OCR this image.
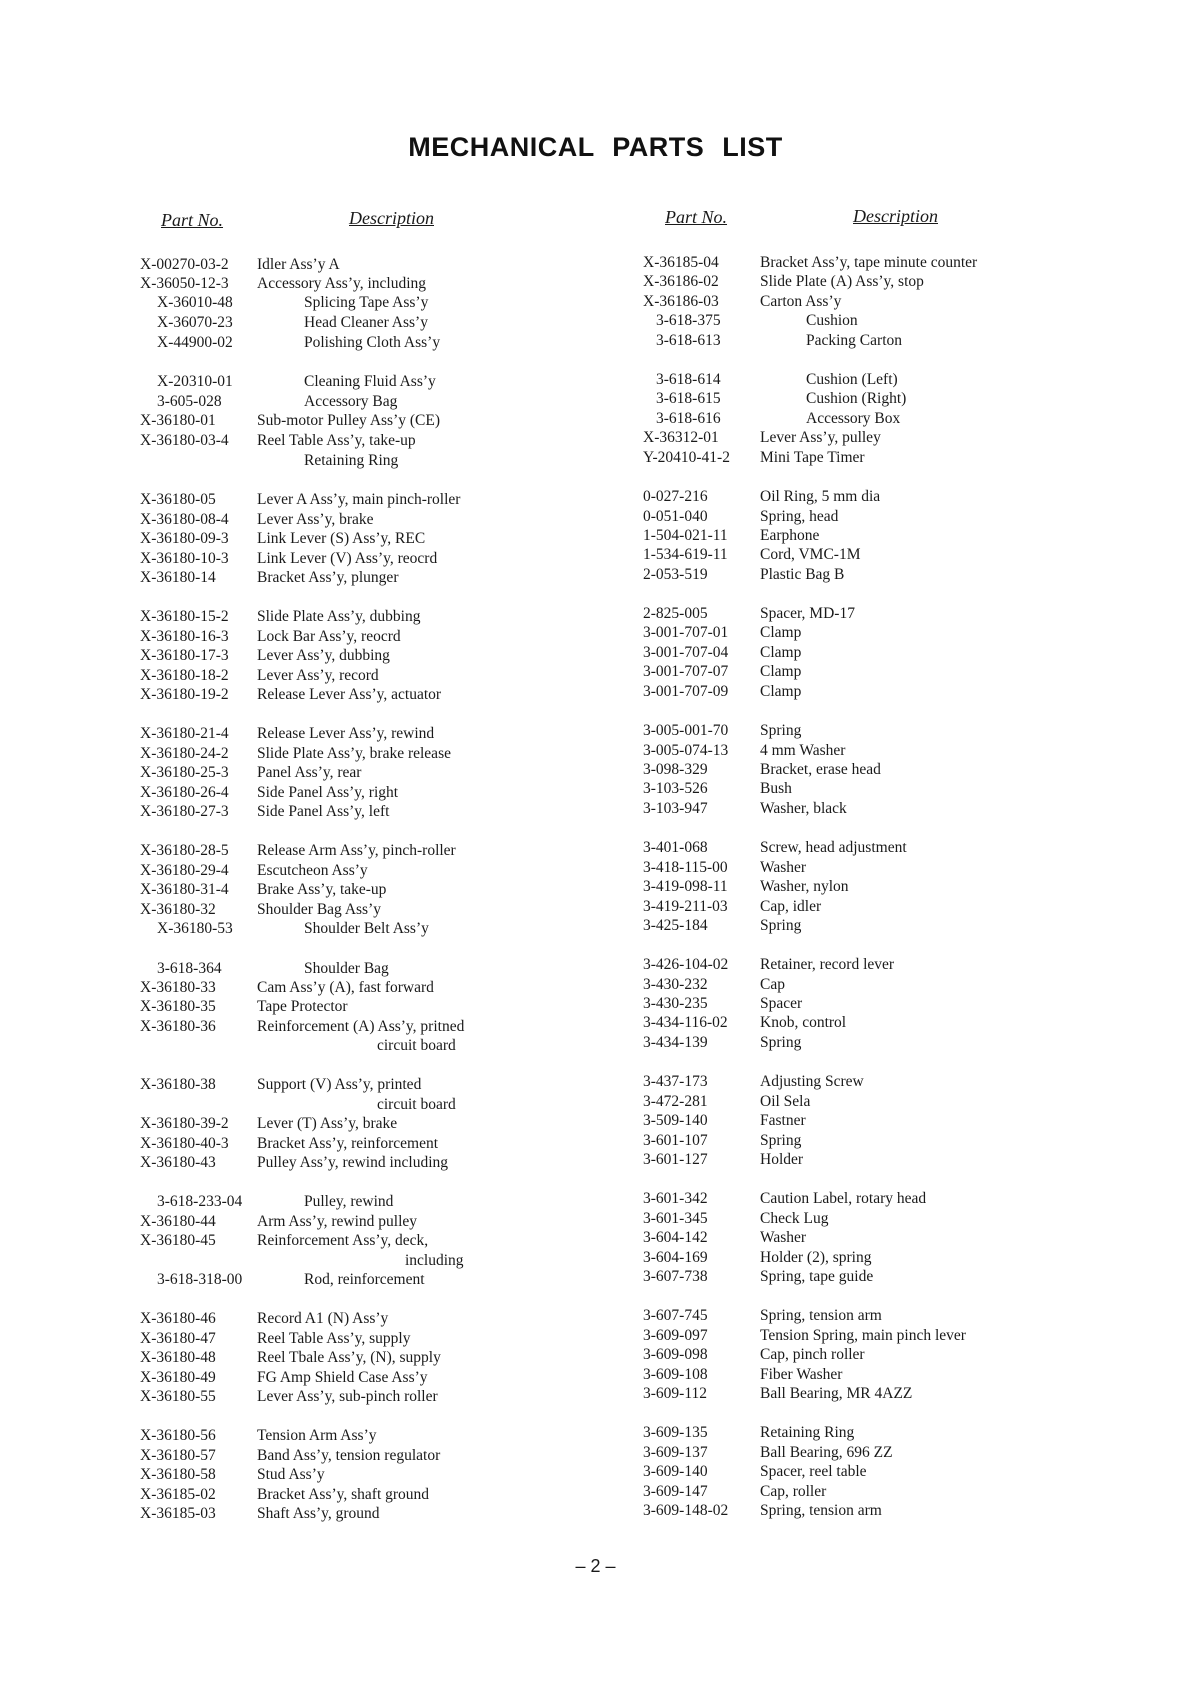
MECHANICAL PARTS LIST
Part No.	Description	Part No.	Description
X-00270-03-2 Idler Ass’y A
X-36050-12-3 Accessory Ass’y, including
X-36010-48	Splicing Tape Ass’y
X-36070-23	Head Cleaner Ass’y
X-44900-02	Polishing Cloth Ass’y
X-20310-01	Cleaning Fluid Ass’y
3-605-028	Accessory Bag
X-36180-01	Sub-motor Pulley Ass’y (CE)
X-36180-03-4 Reel Table Ass’y, take-up
Retaining Ring
X-36180-05	Lever A Ass’y, main pinch-roller
X-36180-08-4 Lever Ass’y, brake
X-36180-09-3 Link Lever (S) Ass’y, REC
X-36180-10-3 Link Lever (V) Ass’y, reocrd
X-36180-14	Bracket Ass’y, plunger
X-36180-15-2 Slide Plate Ass’y, dubbing
X-36180-16-3 Lock Bar Ass’y, reocrd
X-36180-17-3 Lever Ass’y, dubbing
X-36180-18-2 Lever Ass’y, record
X-36180-19-2 Release Lever Ass’y, actuator
X-36180-21-4 Release Lever Ass’y, rewind
X-36180-24-2 Slide Plate Ass’y, brake release
X-36180-25-3 Panel Ass’y, rear
X-36180-26-4 Side Panel Ass’y, right
X-36180-27-3 Side Panel Ass’y, left
X-36180-28-5 Release Arm Ass’y, pinch-roller
X-36180-29-4 Escutcheon Ass’y
X-36180-31-4 Brake Ass’y, take-up
X-36180-32	Shoulder Bag Ass’y
X-36180-53	Shoulder Belt Ass’y
3-618-364	Shoulder Bag
X-36180-33	Cam Ass’y (A), fast forward
X-36180-35	Tape Protector
X-36180-36	Reinforcement (A) Ass’y, pritned
circuit board
X-36180-38	Support (V) Ass’y, printed
circuit board
X-36180-39-2 Lever (T) Ass’y, brake
X-36180-40-3 Bracket Ass’y, reinforcement
X-36180-43	Pulley Ass’y, rewind including
3-618-233-04	Pulley, rewind
X-36180-44	Arm Ass’y, rewind pulley
X-36180-45	Reinforcement Ass’y, deck,
including
3-618-318-00	Rod, reinforcement
X-36180-46	Record A1 (N) Ass’y
X-36180-47	Reel Table Ass’y, supply
X-36180-48	Reel Tbale Ass’y, (N), supply
X-36180-49	FG Amp Shield Case Ass’y
X-36180-55	Lever Ass’y, sub-pinch roller
X-36180-56	Tension Arm Ass’y
X-36180-57	Band Ass’y, tension regulator
X-36180-58	Stud Ass’y
X-36185-02	Bracket Ass’y, shaft ground
X-36185-03	Shaft Ass’y, ground
X-36185-04	Bracket Ass’y, tape minute counter
X-36186-02	Slide Plate (A) Ass’y, stop
X-36186-03	Carton Ass’y
3-618-375	Cushion
3-618-613	Packing Carton
3-618-614	Cushion (Left)
3-618-615	Cushion (Right)
3-618-616	Accessory Box
X-36312-01	Lever Ass’y, pulley
Y-20410-41-2 Mini Tape Timer
0-027-216	Oil Ring, 5 mm dia
0-051-040	Spring, head
1-504-021-11 Earphone
1-534-619-11 Cord, VMC-1M
2-053-519	Plastic Bag B
2-825-005	Spacer, MD-17
3-001-707-01 Clamp
3-001-707-04 Clamp
3-001-707-07 Clamp
3-001-707-09 Clamp
3-005-001-70 Spring
3-005-074-13 4 mm Washer
3-098-329	Bracket, erase head
3-103-526	Bush
3-103-947	Washer, black
3-401-068	Screw, head adjustment
3-418-115-00 Washer
3-419-098-11 Washer, nylon
3-419-211-03 Cap, idler
3-425-184	Spring
3-426-104-02 Retainer, record lever
3-430-232	Cap
3-430-235	Spacer
3-434-116-02 Knob, control
3-434-139	Spring
3-437-173	Adjusting Screw
3-472-281	Oil Sela
3-509-140	Fastner
3-601-107	Spring
3-601-127	Holder
3-601-342	Caution Label, rotary head
3-601-345	Check Lug
3-604-142	Washer
3-604-169	Holder (2), spring
3-607-738	Spring, tape guide
3-607-745	Spring, tension arm
3-609-097	Tension Spring, main pinch lever
3-609-098	Cap, pinch roller
3-609-108	Fiber Washer
3-609-112	Ball Bearing, MR 4AZZ
3-609-135	Retaining Ring
3-609-137	Ball Bearing, 696 ZZ
3-609-140	Spacer, reel table
3-609-147	Cap, roller
3-609-148-02 Spring, tension arm
– 2 –
